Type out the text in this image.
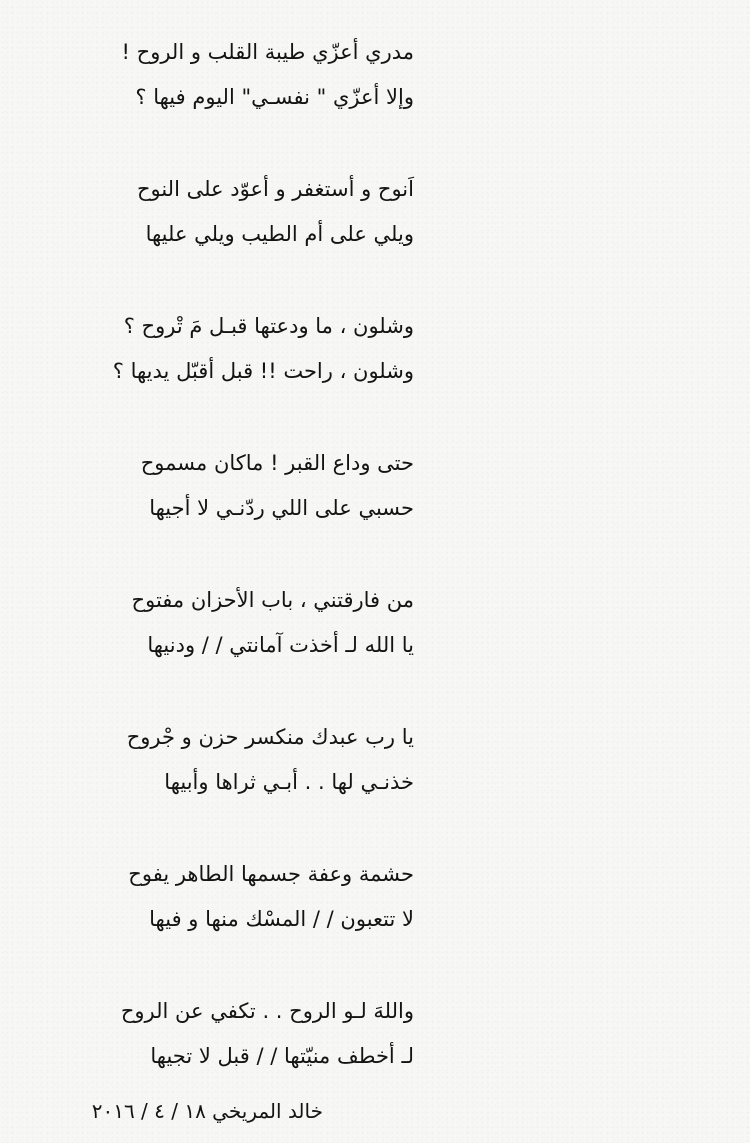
مدري أعزّي طيبة القلب و الروح !
وإلا أعزّي " نفسـي" اليوم فيها ؟
اَنوح و أستغفر و أعوّد على النوح
ويلي على أم الطيب ويلي عليها
وشلون ، ما ودعتها قبـل مَ تْروح ؟
وشلون ، راحت !! قبل أقبّل يديها ؟
حتى وداع القبر ! ماكان مسموح
حسبي على اللي ردّنـي لا أجيها
من فارقتني ، باب الأحزان مفتوح
يا الله لـ أخذت آمانتي / / ودنيها
يا رب عبدك منكسر حزن و جْروح
خذنـي لها . . أبـي ثراها وأبيها
حشمة وعفة جسمها الطاهر يفوح
لا تتعبون / / المسْك منها و فيها
واللهَ لـو الروح . . تكفي عن الروح
لـ أخطف منيّتها / / قبل لا تجيها
خالد المريخي ١٨ / ٤ / ٢٠١٦
